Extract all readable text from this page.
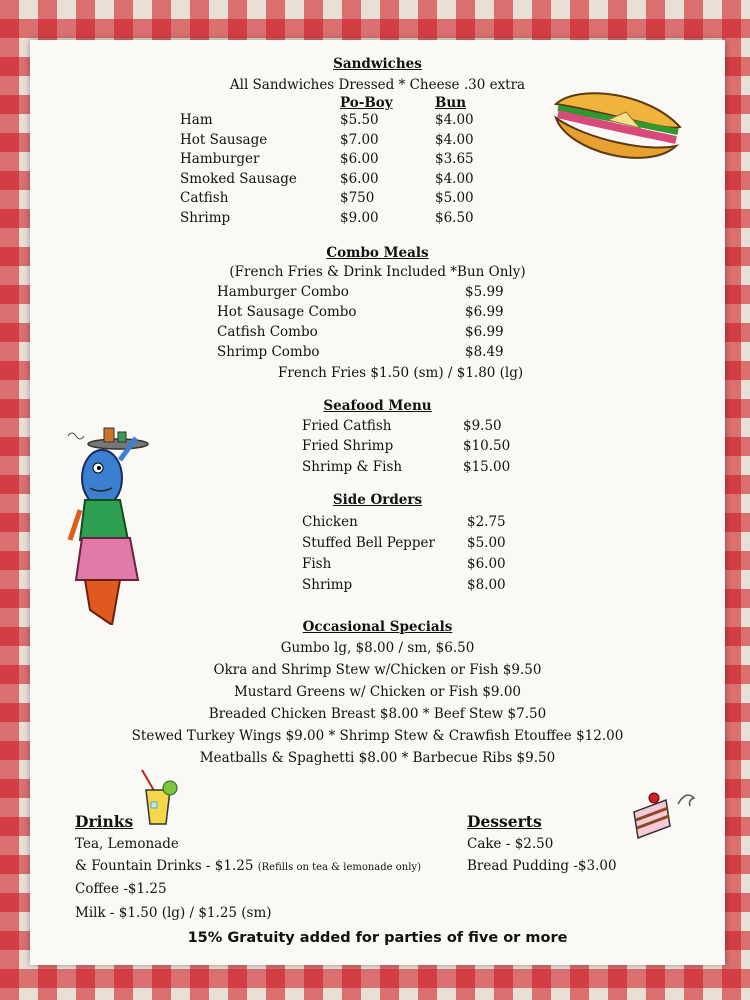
Sandwiches
All Sandwiches Dressed * Cheese .30 extra
Po-Boy	Bun
Ham	$5.50	$4.00
Hot Sausage	$7.00	$4.00
Hamburger	$6.00	$3.65
Smoked Sausage	$6.00	$4.00
Catfish	$750	$5.00
Shrimp	$9.00	$6.50
Combo Meals
(French Fries & Drink Included *Bun Only)
Hamburger Combo	$5.99
Hot Sausage Combo	$6.99
Catfish Combo	$6.99
Shrimp Combo	$8.49
French Fries $1.50 (sm) / $1.80 (lg)
Seafood Menu
Fried Catfish	$9.50
Fried Shrimp	$10.50
Shrimp & Fish	$15.00
Side Orders
Chicken	$2.75
Stuffed Bell Pepper $5.00
Fish	$6.00
Shrimp	$8.00
Occasional Specials
Gumbo lg, $8.00 / sm, $6.50
Okra and Shrimp Stew w/Chicken or Fish $9.50
Mustard Greens w/ Chicken or Fish $9.00
Breaded Chicken Breast $8.00 * Beef Stew $7.50
Stewed Turkey Wings $9.00 * Shrimp Stew & Crawfish Etouffee $12.00
Meatballs & Spaghetti $8.00 * Barbecue Ribs $9.50
Drinks
Tea, Lemonade
& Fountain Drinks - $1.25 (Refills on tea & lemonade only)
Coffee -$1.25
Milk - $1.50 (lg) / $1.25 (sm)
Desserts
Cake - $2.50
Bread Pudding -$3.00
15% Gratuity added for parties of five or more
